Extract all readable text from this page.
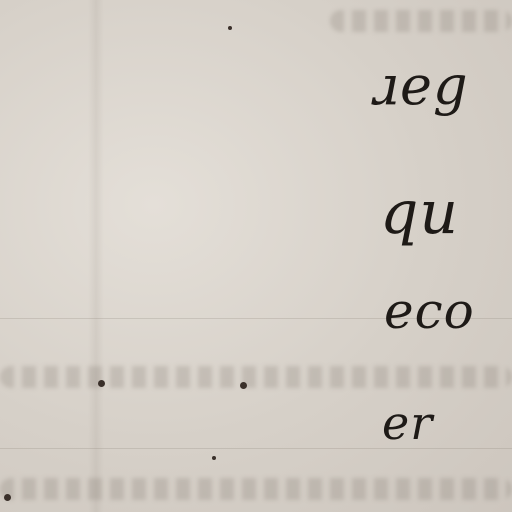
ɹeg
qu
eco
er
